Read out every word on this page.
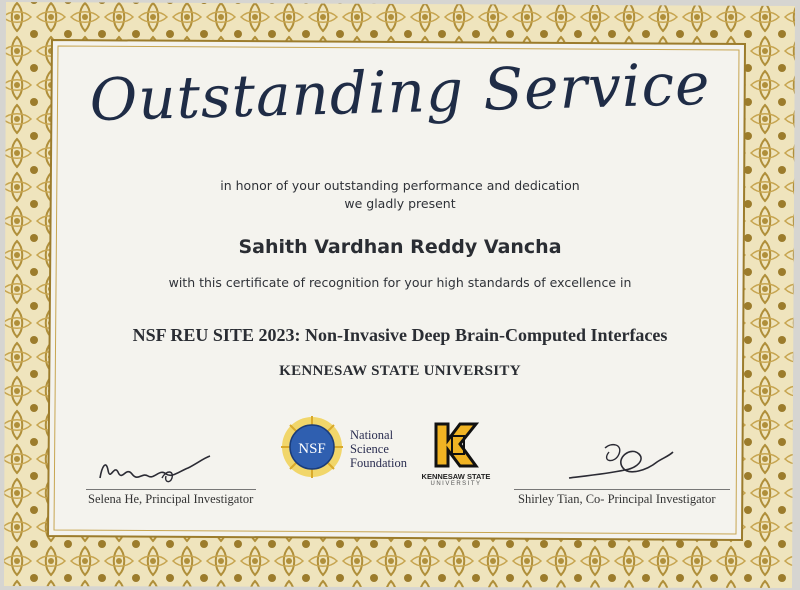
Outstanding Service
in honor of your outstanding performance and dedication
we gladly present
Sahith Vardhan Reddy Vancha
with this certificate of recognition for your high standards of excellence in
NSF REU SITE 2023: Non-Invasive Deep Brain-Computed Interfaces
KENNESAW STATE UNIVERSITY
NSF
National
Science
Foundation
KENNESAW STATE
UNIVERSITY
Selena He, Principal Investigator	Shirley Tian, Co- Principal Investigator
